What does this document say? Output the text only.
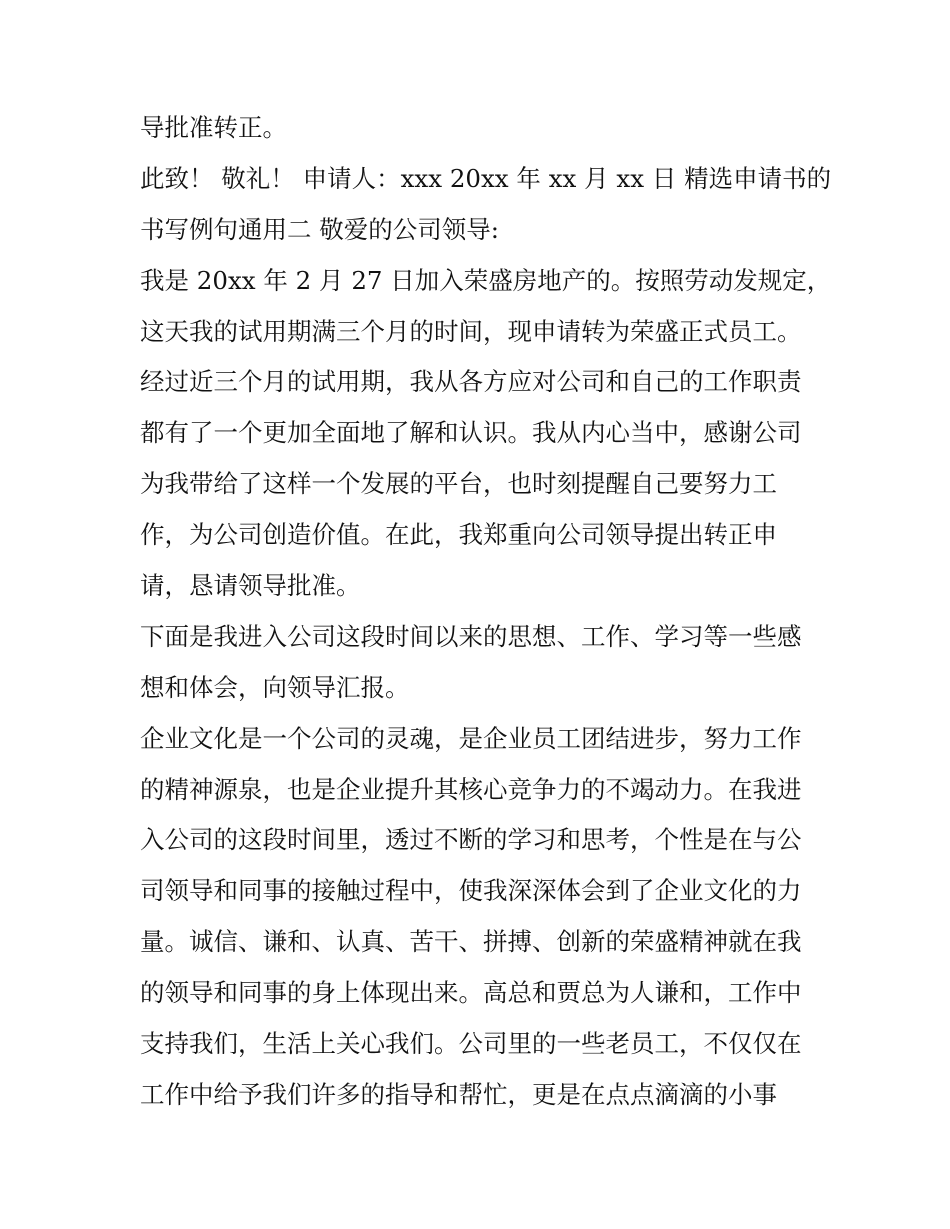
导批准转正。
此致！ 敬礼！ 申请人：xxx 20xx 年 xx 月 xx 日 精选申请书的
书写例句通用二 敬爱的公司领导:
我是 20xx 年 2 月 27 日加入荣盛房地产的。按照劳动发规定，
这天我的试用期满三个月的时间，现申请转为荣盛正式员工。
经过近三个月的试用期，我从各方应对公司和自己的工作职责
都有了一个更加全面地了解和认识。我从内心当中，感谢公司
为我带给了这样一个发展的平台，也时刻提醒自己要努力工
作，为公司创造价值。在此，我郑重向公司领导提出转正申
请，恳请领导批准。
下面是我进入公司这段时间以来的思想、工作、学习等一些感
想和体会，向领导汇报。
企业文化是一个公司的灵魂，是企业员工团结进步，努力工作
的精神源泉，也是企业提升其核心竞争力的不竭动力。在我进
入公司的这段时间里，透过不断的学习和思考，个性是在与公
司领导和同事的接触过程中，使我深深体会到了企业文化的力
量。诚信、谦和、认真、苦干、拼搏、创新的荣盛精神就在我
的领导和同事的身上体现出来。高总和贾总为人谦和，工作中
支持我们，生活上关心我们。公司里的一些老员工，不仅仅在
工作中给予我们许多的指导和帮忙，更是在点点滴滴的小事
